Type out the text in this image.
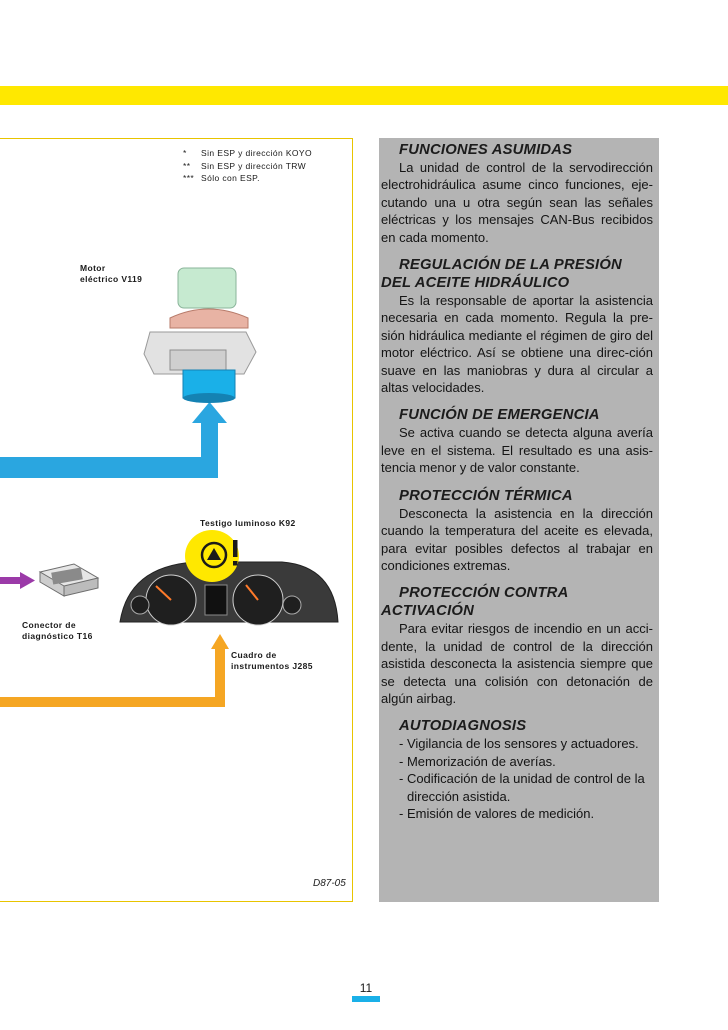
*	Sin ESP y dirección KOYO
**	Sin ESP y dirección TRW
*** Sólo con ESP.
Motor
eléctrico V119
Testigo luminoso K92
Conector de
diagnóstico T16
Cuadro de
instrumentos J285
D87-05
FUNCIONES ASUMIDAS

La unidad de control de la servodirección electrohidráulica asume cinco funciones, eje-cutando una u otra según sean las señales eléctricas y los mensajes CAN-Bus recibidos en cada momento.

REGULACIÓN DE LA PRESIÓN DEL ACEITE HIDRÁULICO

Es la responsable de aportar la asistencia necesaria en cada momento. Regula la pre-sión hidráulica mediante el régimen de giro del motor eléctrico. Así se obtiene una direc-ción suave en las maniobras y dura al circular a altas velocidades.

FUNCIÓN DE EMERGENCIA

Se activa cuando se detecta alguna avería leve en el sistema. El resultado es una asis-tencia menor y de valor constante.

PROTECCIÓN TÉRMICA

Desconecta la asistencia en la dirección cuando la temperatura del aceite es elevada, para evitar posibles defectos al trabajar en condiciones extremas.

PROTECCIÓN CONTRA ACTIVACIÓN

Para evitar riesgos de incendio en un acci-dente, la unidad de control de la dirección asistida desconecta la asistencia siempre que se detecta una colisión con detonación de algún airbag.

AUTODIAGNOSIS
- Vigilancia de los sensores y actuadores.
- Memorización de averías.
- Codificación de la unidad de control de la dirección asistida.
- Emisión de valores de medición.
11
